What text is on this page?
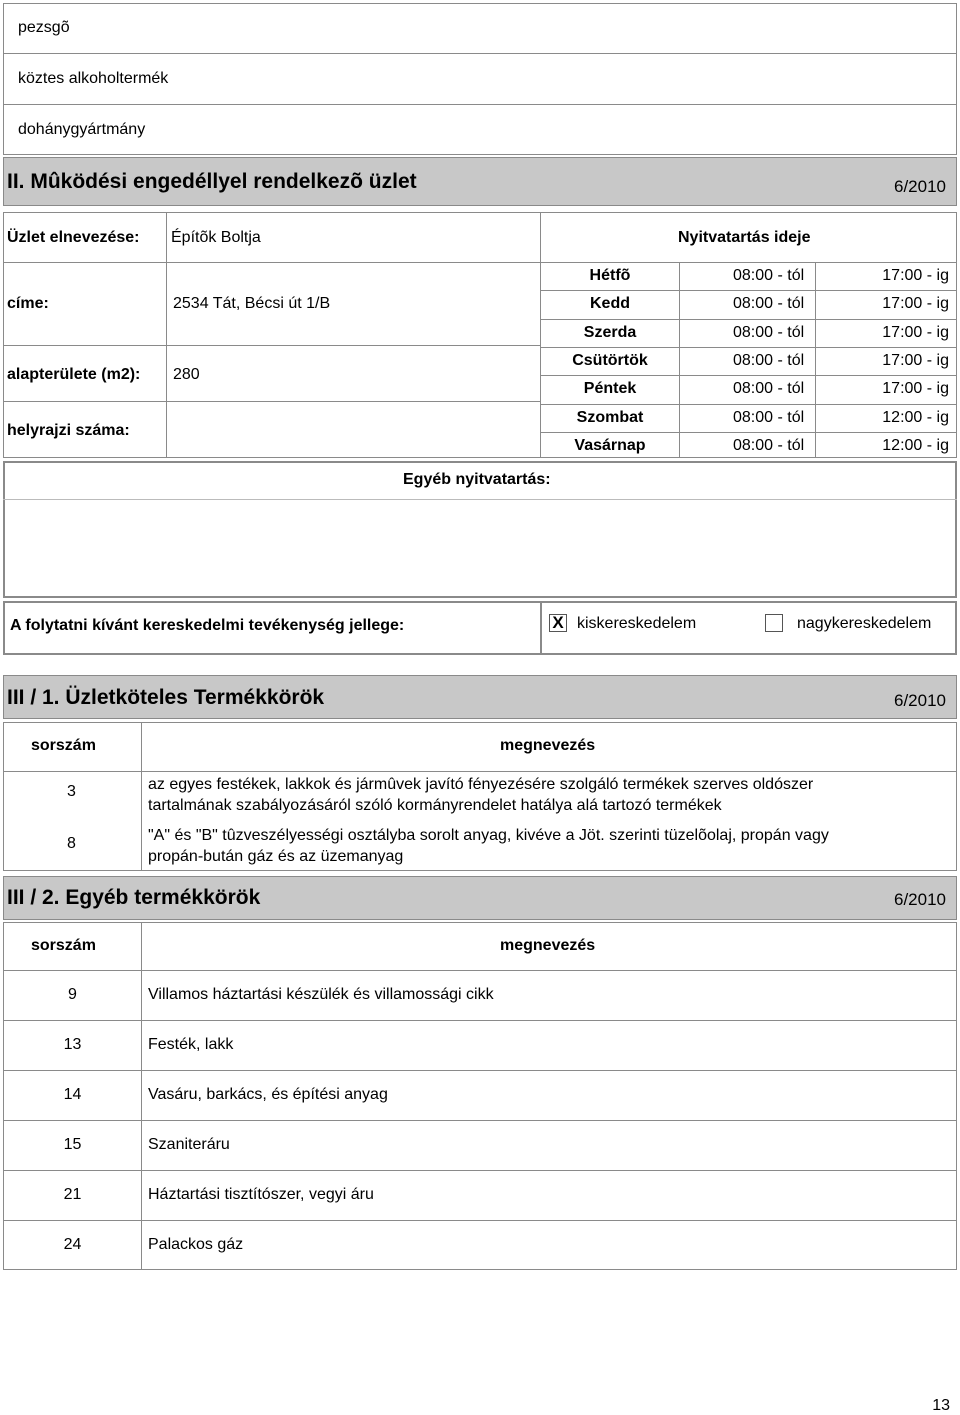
pezsgõ
köztes alkoholtermék
dohánygyártmány
II. Mûködési engedéllyel rendelkezõ üzlet	6/2010
Üzlet elnevezése: Építõk Boltja	Nyitvatartás ideje
címe:	2534 Tát, Bécsi út 1/B
alapterülete (m2): 280
helyrajzi száma:
Hétfõ	08:00 - tól	17:00 - ig
Kedd	08:00 - tól	17:00 - ig
Szerda	08:00 - tól	17:00 - ig
Csütörtök	08:00 - tól	17:00 - ig
Péntek	08:00 - tól	17:00 - ig
Szombat	08:00 - tól	12:00 - ig
Vasárnap	08:00 - tól	12:00 - ig
Egyéb nyitvatartás:
A folytatni kívánt kereskedelmi tevékenység jellege:	X kiskereskedelem	nagykereskedelem
III / 1. Üzletköteles Termékkörök	6/2010
sorszám	megnevezés
3	az egyes festékek, lakkok és jármûvek javító fényezésére szolgáló termékek szerves oldószer
tartalmának szabályozásáról szóló kormányrendelet hatálya alá tartozó termékek
8	"A" és "B" tûzveszélyességi osztályba sorolt anyag, kivéve a Jöt. szerinti tüzelõolaj, propán vagy
propán-bután gáz és az üzemanyag
III / 2. Egyéb termékkörök	6/2010
sorszám	megnevezés
9	Villamos háztartási készülék és villamossági cikk
13	Festék, lakk
14	Vasáru, barkács, és építési anyag
15	Szaniteráru
21	Háztartási tisztítószer, vegyi áru
24	Palackos gáz
13
